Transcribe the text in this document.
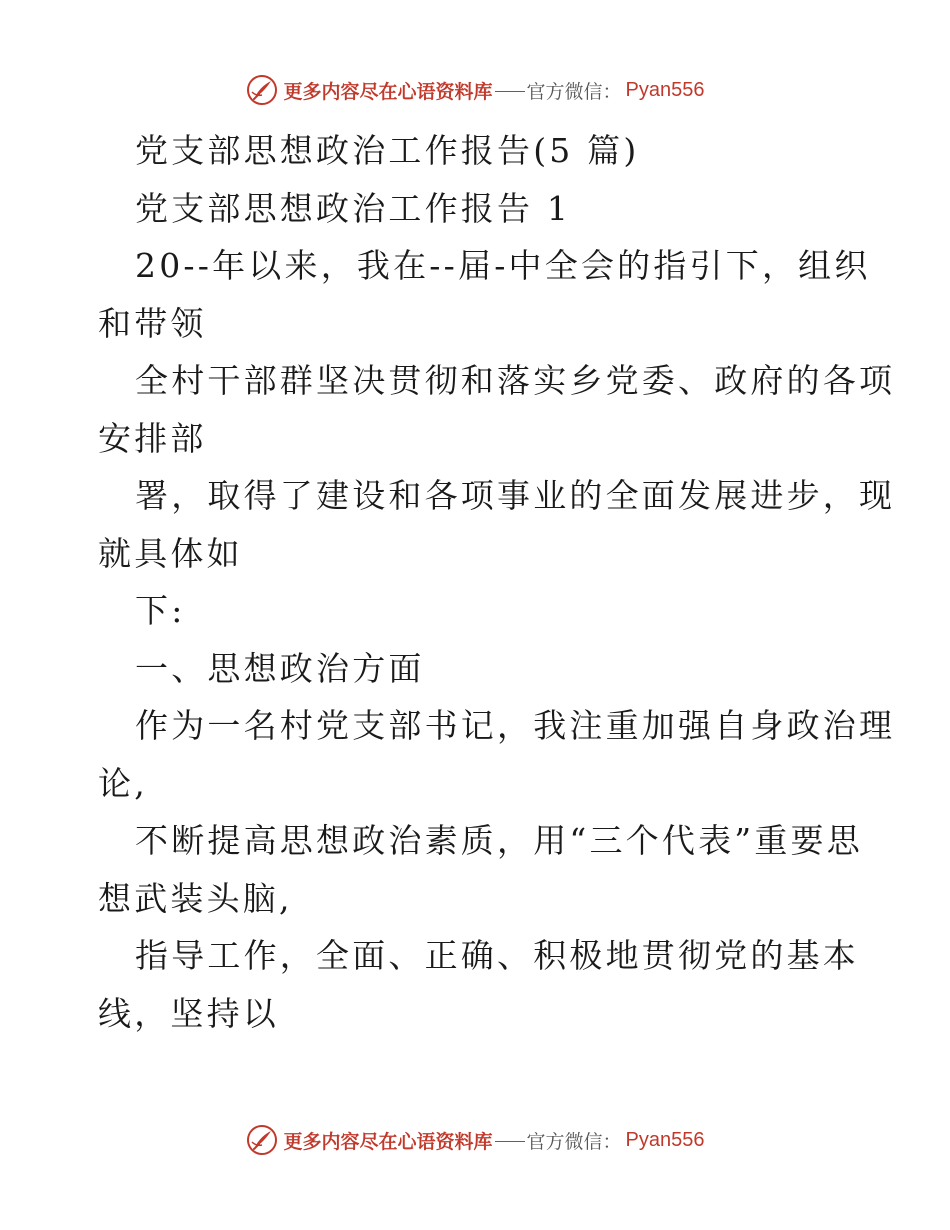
更多内容尽在心语资料库 官方微信： Pyan556
党支部思想政治工作报告(5 篇)
党支部思想政治工作报告 1
20--年以来，我在--届-中全会的指引下，组织
和带领
全村干部群坚决贯彻和落实乡党委、政府的各项
安排部
署，取得了建设和各项事业的全面发展进步，现
就具体如
下:
一、思想政治方面
作为一名村党支部书记，我注重加强自身政治理
论,
不断提高思想政治素质，用“三个代表”重要思
想武装头脑,
指导工作，全面、正确、积极地贯彻党的基本
线，坚持以
更多内容尽在心语资料库 官方微信： Pyan556
